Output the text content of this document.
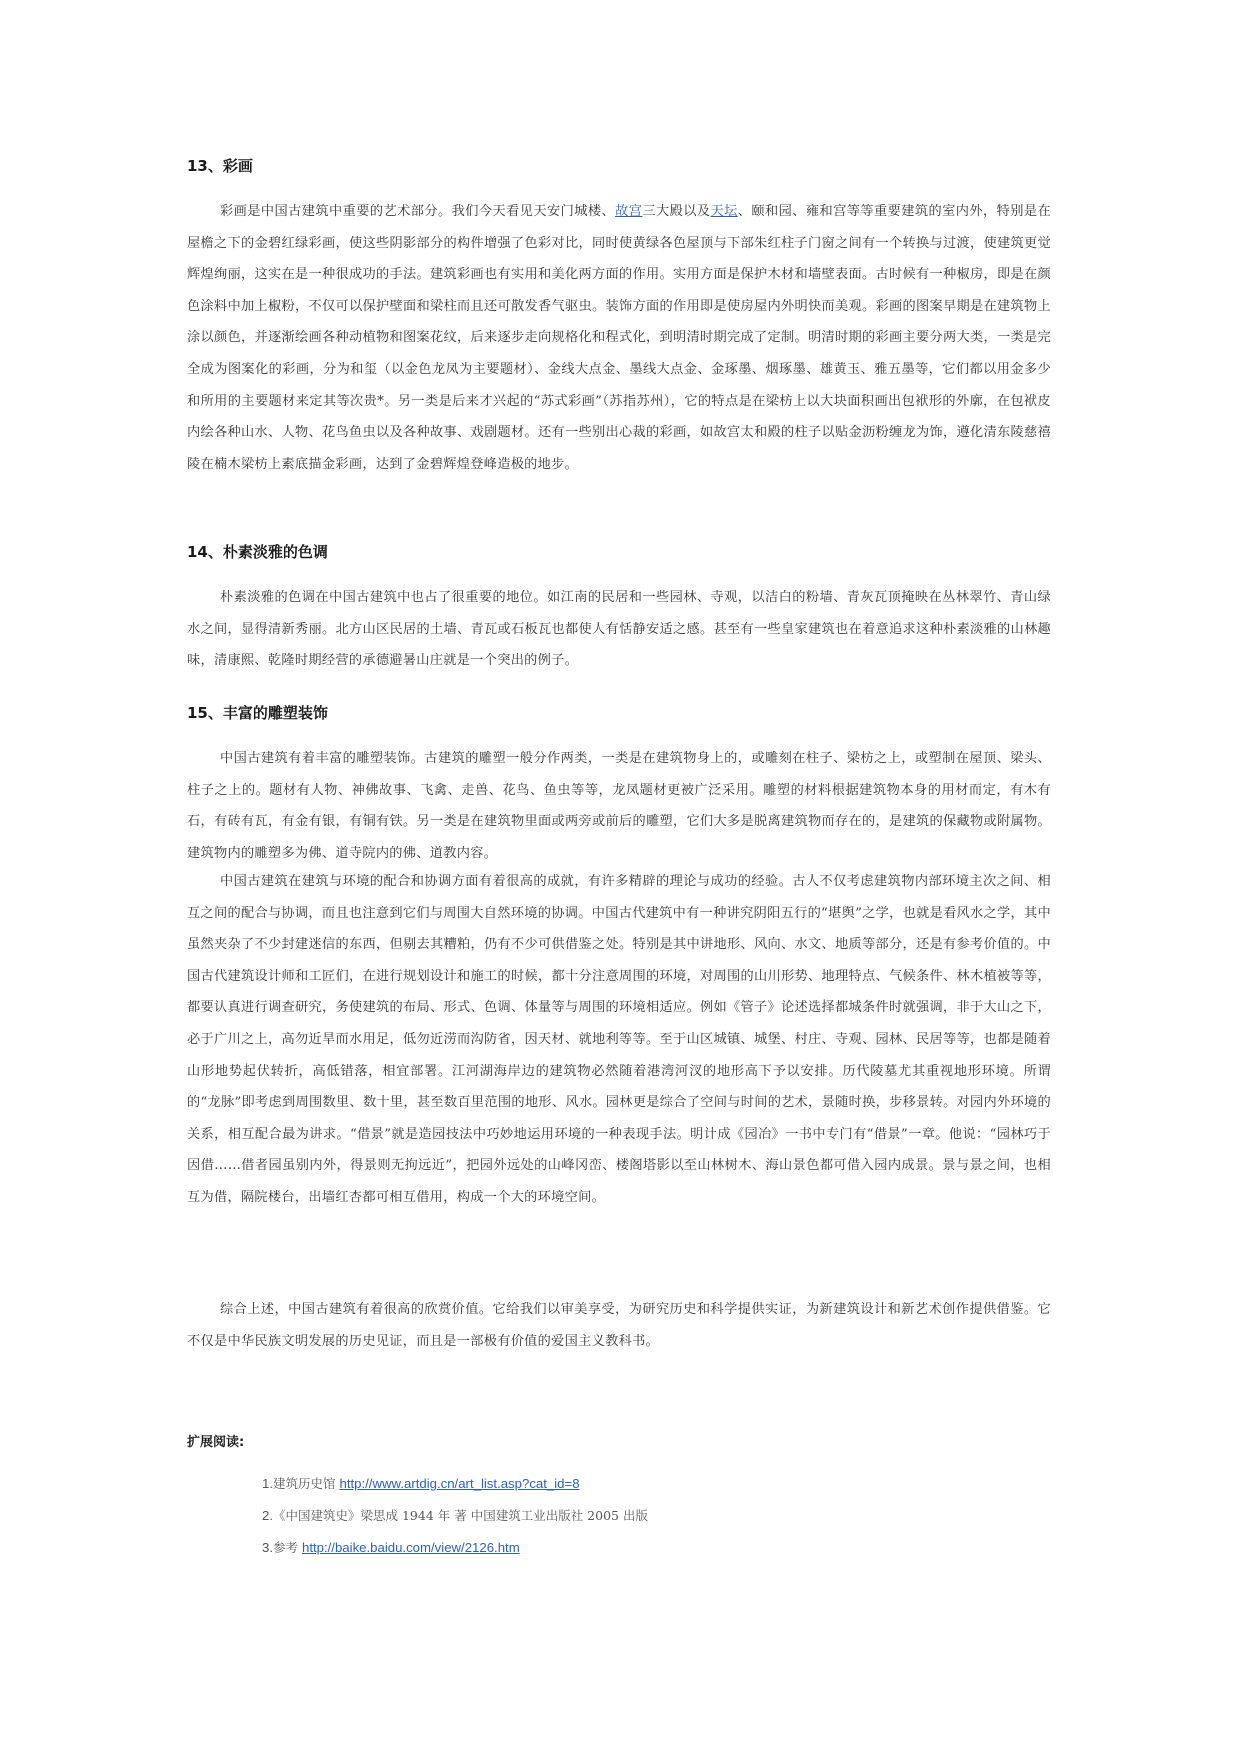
13、彩画

彩画是中国古建筑中重要的艺术部分。我们今天看见天安门城楼、故宫三大殿以及天坛、颐和园、雍和宫等等重要建筑的室内外，特别是在屋檐之下的金碧红绿彩画，使这些阴影部分的构件增强了色彩对比，同时使黄绿各色屋顶与下部朱红柱子门窗之间有一个转换与过渡，使建筑更觉辉煌绚丽，这实在是一种很成功的手法。建筑彩画也有实用和美化两方面的作用。实用方面是保护木材和墙壁表面。古时候有一种椒房，即是在颜色涂料中加上椒粉，不仅可以保护壁面和梁柱而且还可散发香气驱虫。装饰方面的作用即是使房屋内外明快而美观。彩画的图案早期是在建筑物上涂以颜色，并逐渐绘画各种动植物和图案花纹，后来逐步走向规格化和程式化，到明清时期完成了定制。明清时期的彩画主要分两大类，一类是完全成为图案化的彩画，分为和玺（以金色龙凤为主要题材）、金线大点金、墨线大点金、金琢墨、烟琢墨、雄黄玉、雅五墨等，它们都以用金多少和所用的主要题材来定其等次贵*。另一类是后来才兴起的“苏式彩画”（苏指苏州），它的特点是在梁枋上以大块面积画出包袱形的外廓，在包袱皮内绘各种山水、人物、花鸟鱼虫以及各种故事、戏剧题材。还有一些别出心裁的彩画，如故宫太和殿的柱子以贴金沥粉缠龙为饰，遵化清东陵慈禧陵在楠木梁枋上素底描金彩画，达到了金碧辉煌登峰造极的地步。

14、朴素淡雅的色调

朴素淡雅的色调在中国古建筑中也占了很重要的地位。如江南的民居和一些园林、寺观，以洁白的粉墙、青灰瓦顶掩映在丛林翠竹、青山绿水之间，显得清新秀丽。北方山区民居的土墙、青瓦或石板瓦也都使人有恬静安适之感。甚至有一些皇家建筑也在着意追求这种朴素淡雅的山林趣味，清康熙、乾隆时期经营的承德避暑山庄就是一个突出的例子。

15、丰富的雕塑装饰

中国古建筑有着丰富的雕塑装饰。古建筑的雕塑一般分作两类，一类是在建筑物身上的，或雕刻在柱子、梁枋之上，或塑制在屋顶、梁头、柱子之上的。题材有人物、神佛故事、飞禽、走兽、花鸟、鱼虫等等，龙凤题材更被广泛采用。雕塑的材料根据建筑物本身的用材而定，有木有石，有砖有瓦，有金有银，有铜有铁。另一类是在建筑物里面或两旁或前后的雕塑，它们大多是脱离建筑物而存在的，是建筑的保藏物或附属物。建筑物内的雕塑多为佛、道寺院内的佛、道教内容。

中国古建筑在建筑与环境的配合和协调方面有着很高的成就，有许多精辟的理论与成功的经验。古人不仅考虑建筑物内部环境主次之间、相互之间的配合与协调，而且也注意到它们与周围大自然环境的协调。中国古代建筑中有一种讲究阴阳五行的“堪舆”之学，也就是看风水之学，其中虽然夹杂了不少封建迷信的东西，但剔去其糟粕，仍有不少可供借鉴之处。特别是其中讲地形、风向、水文、地质等部分，还是有参考价值的。中国古代建筑设计师和工匠们，在进行规划设计和施工的时候，都十分注意周围的环境，对周围的山川形势、地理特点、气候条件、林木植被等等，都要认真进行调查研究，务使建筑的布局、形式、色调、体量等与周围的环境相适应。例如《管子》论述选择都城条件时就强调，非于大山之下，必于广川之上，高勿近旱而水用足，低勿近涝而沟防省，因天材、就地利等等。至于山区城镇、城堡、村庄、寺观、园林、民居等等，也都是随着山形地势起伏转折，高低错落，相宜部署。江河湖海岸边的建筑物必然随着港湾河汊的地形高下予以安排。历代陵墓尤其重视地形环境。所谓的“龙脉”即考虑到周围数里、数十里，甚至数百里范围的地形、风水。园林更是综合了空间与时间的艺术，景随时换，步移景转。对园内外环境的关系，相互配合最为讲求。“借景”就是造园技法中巧妙地运用环境的一种表现手法。明计成《园冶》一书中专门有“借景”一章。他说：“园林巧于因借……借者园虽别内外，得景则无拘远近”，把园外远处的山峰冈峦、楼阁塔影以至山林树木、海山景色都可借入园内成景。景与景之间，也相互为借，隔院楼台，出墙红杏都可相互借用，构成一个大的环境空间。

综合上述，中国古建筑有着很高的欣赏价值。它给我们以审美享受，为研究历史和科学提供实证，为新建筑设计和新艺术创作提供借鉴。它不仅是中华民族文明发展的历史见证，而且是一部极有价值的爱国主义教科书。

扩展阅读:
1.建筑历史馆 http://www.artdig.cn/art_list.asp?cat_id=8
2.《中国建筑史》梁思成 1944 年 著 中国建筑工业出版社 2005 出版
3.参考 http://baike.baidu.com/view/2126.htm
